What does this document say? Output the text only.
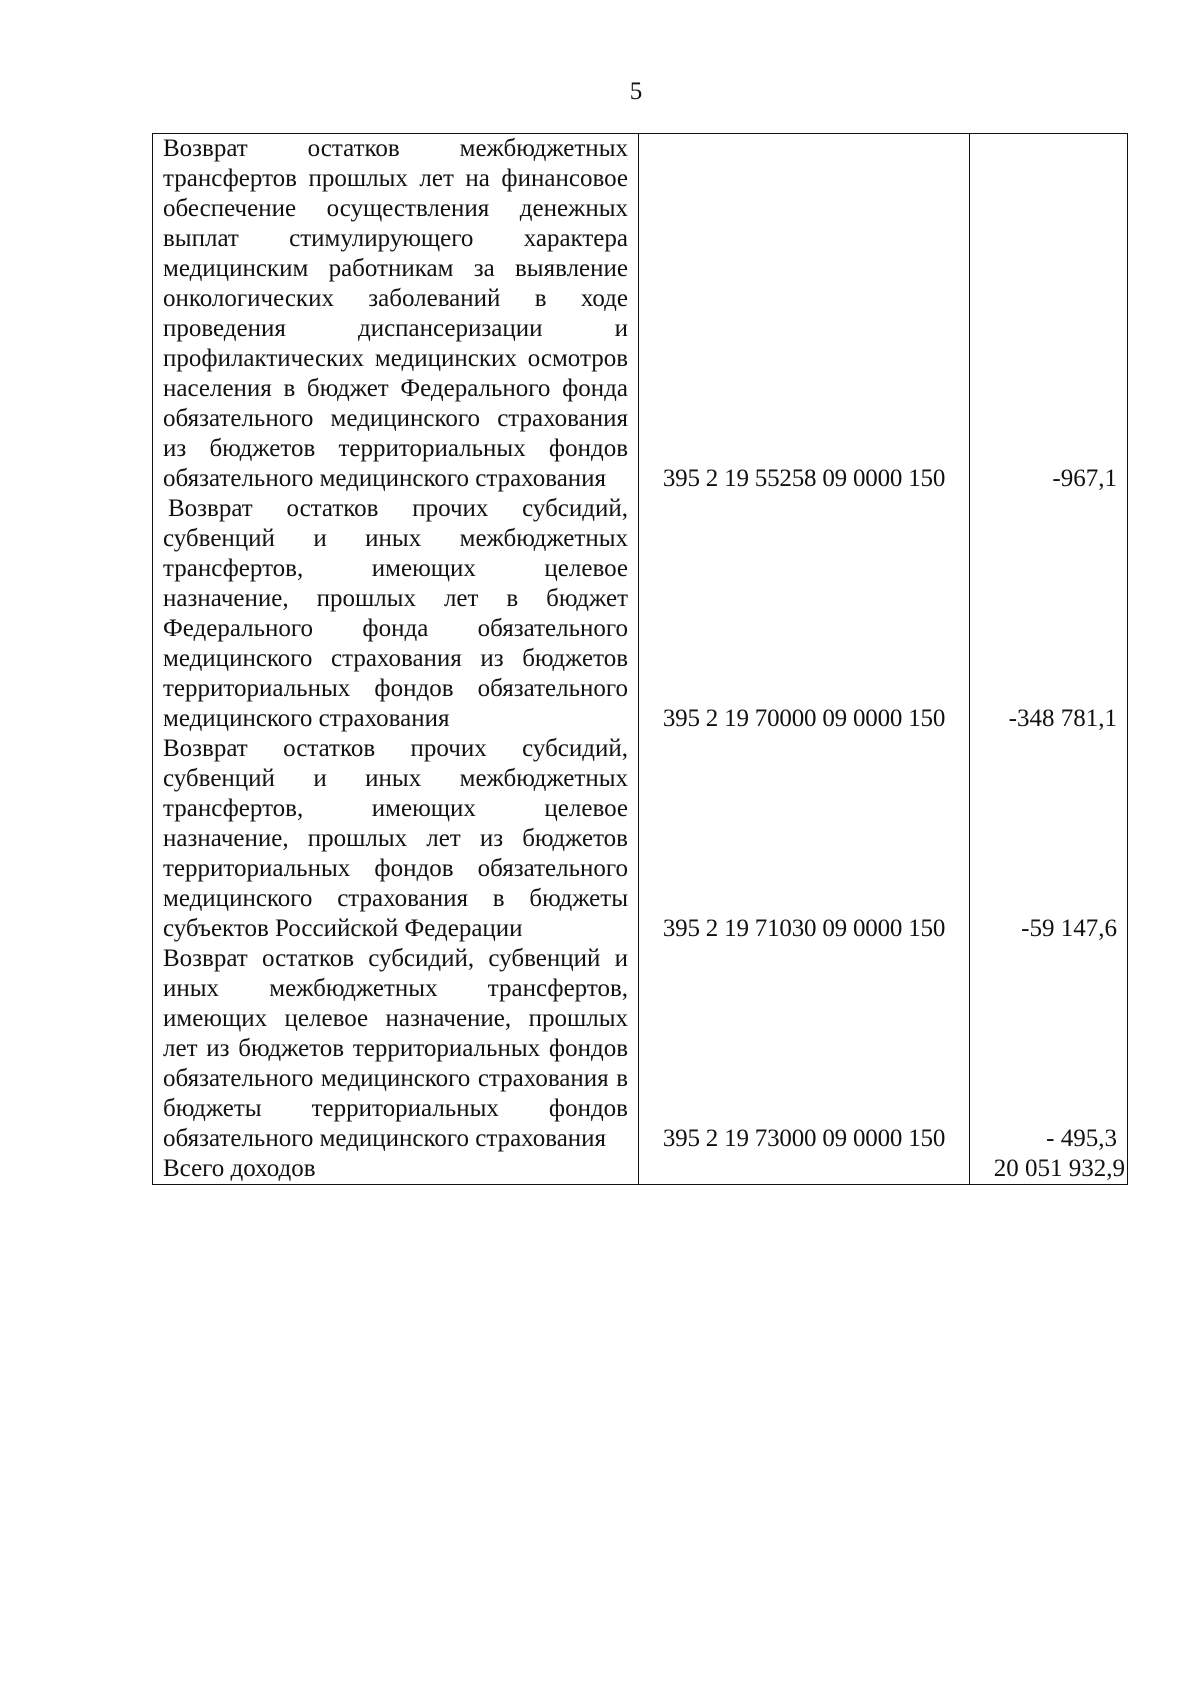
5
Возврат остатков межбюджетных трансфертов прошлых лет на финансовое обеспечение осуществления денежных выплат стимулирующего характера медицинским работникам за выявление онкологических заболеваний в ходе проведения диспансеризации и профилактических медицинских осмотров населения в бюджет Федерального фонда обязательного медицинского страхования из бюджетов территориальных фондов обязательного медицинского страхования	395 2 19 55258 09 0000 150	-967,1
Возврат остатков прочих субсидий, субвенций и иных межбюджетных трансфертов, имеющих целевое назначение, прошлых лет в бюджет Федерального фонда обязательного медицинского страхования из бюджетов территориальных фондов обязательного медицинского страхования	395 2 19 70000 09 0000 150	-348 781,1
Возврат остатков прочих субсидий, субвенций и иных межбюджетных трансфертов, имеющих целевое назначение, прошлых лет из бюджетов территориальных фондов обязательного медицинского страхования в бюджеты субъектов Российской Федерации	395 2 19 71030 09 0000 150	-59 147,6
Возврат остатков субсидий, субвенций и иных межбюджетных трансфертов, имеющих целевое назначение, прошлых лет из бюджетов территориальных фондов обязательного медицинского страхования в бюджеты территориальных фондов обязательного медицинского страхования	395 2 19 73000 09 0000 150	- 495,3
Всего доходов		20 051 932,9
